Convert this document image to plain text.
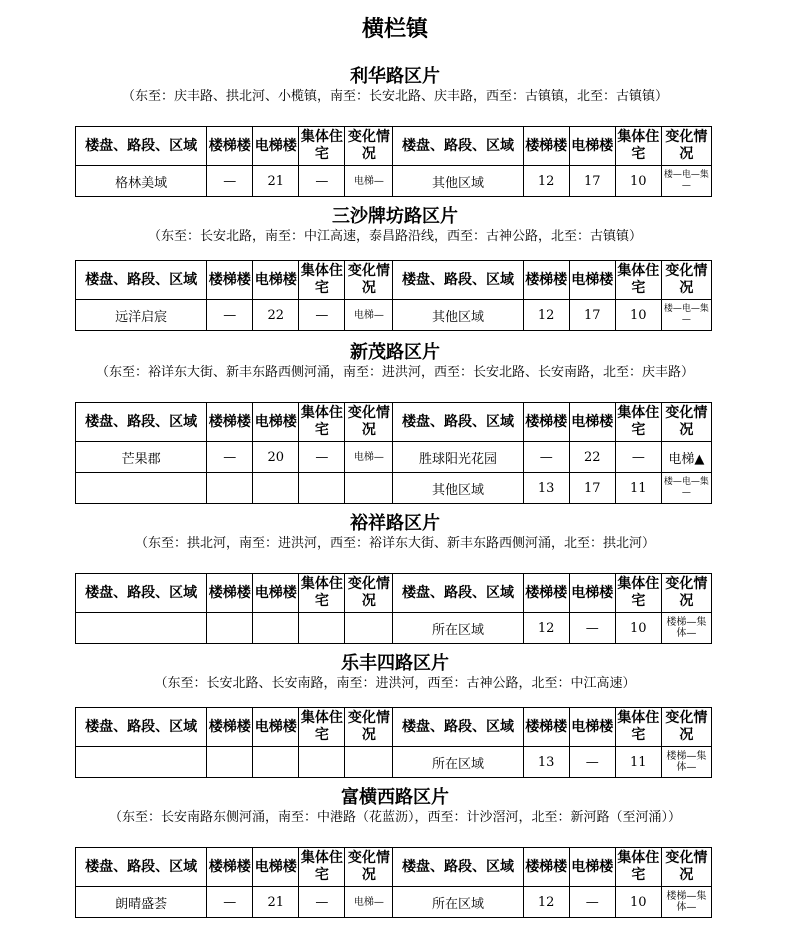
横栏镇
利华路区片
（东至：庆丰路、拱北河、小榄镇，南至：长安北路、庆丰路，西至：古镇镇，北至：古镇镇）
楼盘、路段、区域	楼梯楼	电梯楼	集体住宅	变化情况	楼盘、路段、区域	楼梯楼	电梯楼	集体住宅	变化情况
格林美域	—	21	—	电梯—	其他区域	12	17	10	楼—电—集—
三沙牌坊路区片
（东至：长安北路，南至：中江高速，泰昌路沿线，西至：古神公路，北至：古镇镇）
楼盘、路段、区域	楼梯楼	电梯楼	集体住宅	变化情况	楼盘、路段、区域	楼梯楼	电梯楼	集体住宅	变化情况
远洋启宸	—	22	—	电梯—	其他区域	12	17	10	楼—电—集—
新茂路区片
（东至：裕详东大街、新丰东路西侧河涌，南至：进洪河，西至：长安北路、长安南路，北至：庆丰路）
楼盘、路段、区域	楼梯楼	电梯楼	集体住宅	变化情况	楼盘、路段、区域	楼梯楼	电梯楼	集体住宅	变化情况
芒果郡	—	20	—	电梯—	胜球阳光花园	—	22	—	电梯▲
					其他区域	13	17	11	楼—电—集—
裕祥路区片
（东至：拱北河，南至：进洪河，西至：裕详东大街、新丰东路西侧河涌，北至：拱北河）
楼盘、路段、区域	楼梯楼	电梯楼	集体住宅	变化情况	楼盘、路段、区域	楼梯楼	电梯楼	集体住宅	变化情况
					所在区域	12	—	10	楼梯—集体—
乐丰四路区片
（东至：长安北路、长安南路，南至：进洪河，西至：古神公路，北至：中江高速）
楼盘、路段、区域	楼梯楼	电梯楼	集体住宅	变化情况	楼盘、路段、区域	楼梯楼	电梯楼	集体住宅	变化情况
					所在区域	13	—	11	楼梯—集体—
富横西路区片
（东至：长安南路东侧河涌，南至：中港路（花蓝沥），西至：计沙滘河，北至：新河路（至河涌））
楼盘、路段、区域	楼梯楼	电梯楼	集体住宅	变化情况	楼盘、路段、区域	楼梯楼	电梯楼	集体住宅	变化情况
朗晴盛荟	—	21	—	电梯—	所在区域	12	—	10	楼梯—集体—
